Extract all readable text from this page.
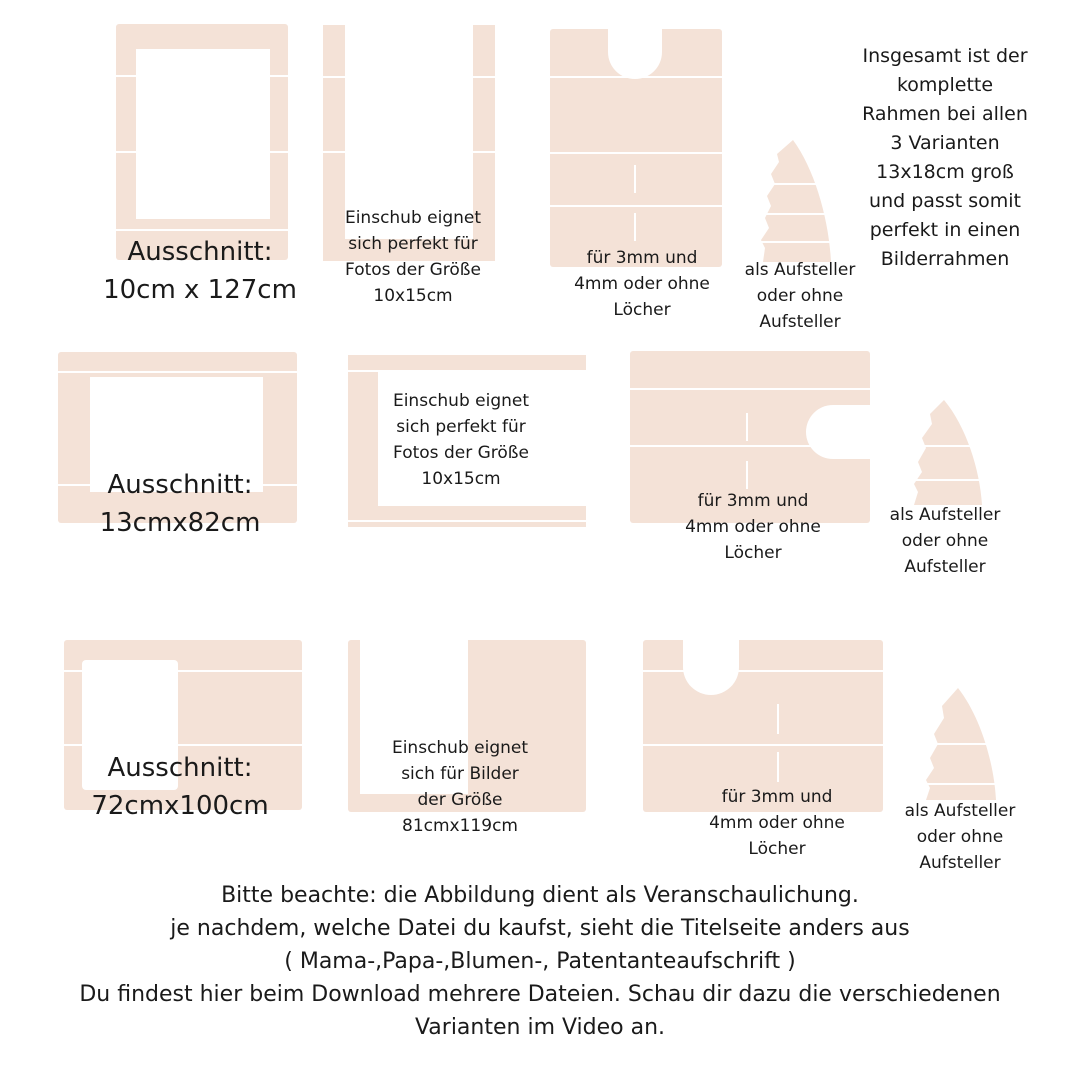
Ausschnitt:
10cm x 127cm
Einschub eignet
sich perfekt für
Fotos der Größe
10x15cm
für 3mm und
4mm oder ohne
Löcher
als Aufsteller
oder ohne
Aufsteller
Insgesamt ist der
komplette
Rahmen bei allen
3 Varianten
13x18cm groß
und passt somit
perfekt in einen
Bilderrahmen
Ausschnitt:
13cmx82cm
Einschub eignet
sich perfekt für
Fotos der Größe
10x15cm
für 3mm und
4mm oder ohne
Löcher
als Aufsteller
oder ohne
Aufsteller
Ausschnitt:
72cmx100cm
Einschub eignet
sich für Bilder
der Größe
81cmx119cm
für 3mm und
4mm oder ohne
Löcher
als Aufsteller
oder ohne
Aufsteller
Bitte beachte: die Abbildung dient als Veranschaulichung.
je nachdem, welche Datei du kaufst, sieht die Titelseite anders aus
( Mama-,Papa-,Blumen-, Patentanteaufschrift )
Du findest hier beim Download mehrere Dateien. Schau dir dazu die verschiedenen
Varianten im Video an.
